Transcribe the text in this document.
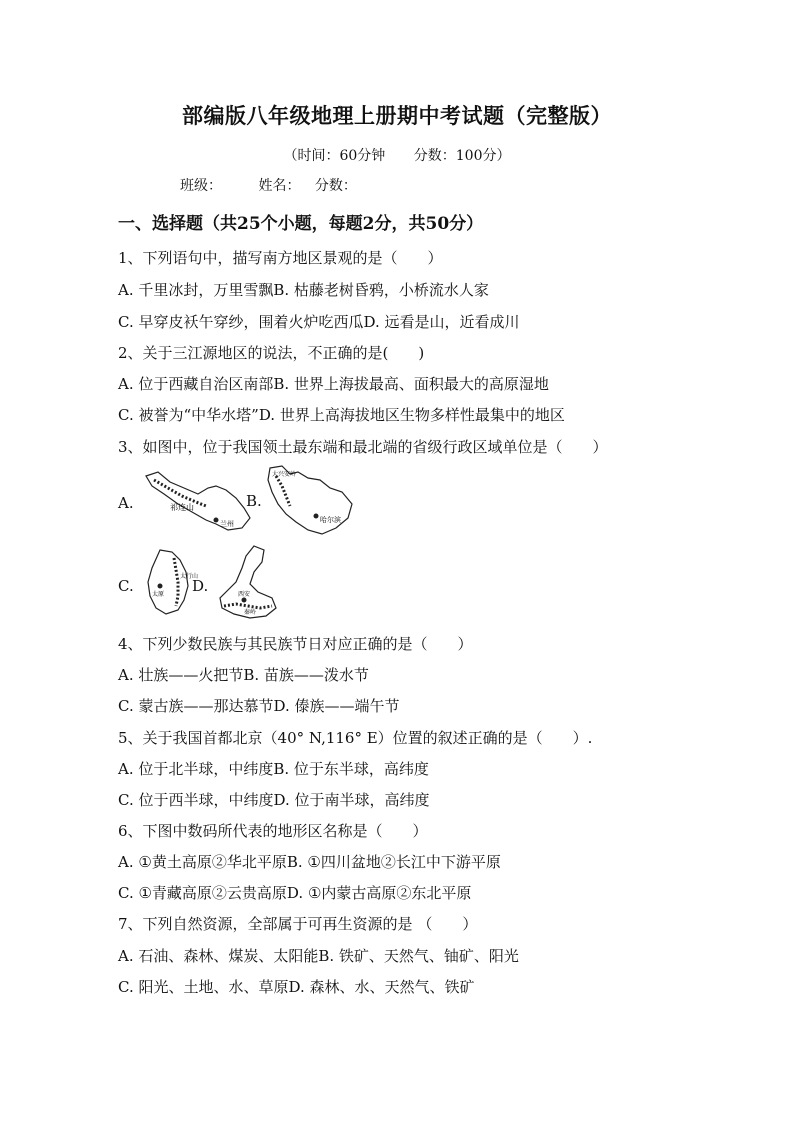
部编版八年级地理上册期中考试题（完整版）
（时间：60分钟 分数：100分）
班级：	姓名： 分数：
一、选择题（共25个小题，每题2分，共50分）
1、下列语句中，描写南方地区景观的是（　　）
A. 千里冰封，万里雪飘B. 枯藤老树昏鸦，小桥流水人家
C. 早穿皮袄午穿纱，围着火炉吃西瓜D. 远看是山，近看成川
2、关于三江源地区的说法，不正确的是(　　)
A. 位于西藏自治区南部B. 世界上海拔最高、面积最大的高原湿地
C. 被誉为“中华水塔”D. 世界上高海拔地区生物多样性最集中的地区
3、如图中，位于我国领土最东端和最北端的省级行政区域单位是（　　）
A.	祁连山
兰州
B.
大兴安岭
哈尔滨
C.	太原
太行山
D.	西安
秦岭
4、下列少数民族与其民族节日对应正确的是（　　）
A. 壮族——火把节B. 苗族——泼水节
C. 蒙古族——那达慕节D. 傣族——端午节
5、关于我国首都北京（40° N,116° E）位置的叙述正确的是（　　）.
A. 位于北半球，中纬度B. 位于东半球，高纬度
C. 位于西半球，中纬度D. 位于南半球，高纬度
6、下图中数码所代表的地形区名称是（　　）
A. ①黄土高原②华北平原B. ①四川盆地②长江中下游平原
C. ①青藏高原②云贵高原D. ①内蒙古高原②东北平原
7、下列自然资源，全部属于可再生资源的是 （　　）
A. 石油、森林、煤炭、太阳能B. 铁矿、天然气、铀矿、阳光
C. 阳光、土地、水、草原D. 森林、水、天然气、铁矿
